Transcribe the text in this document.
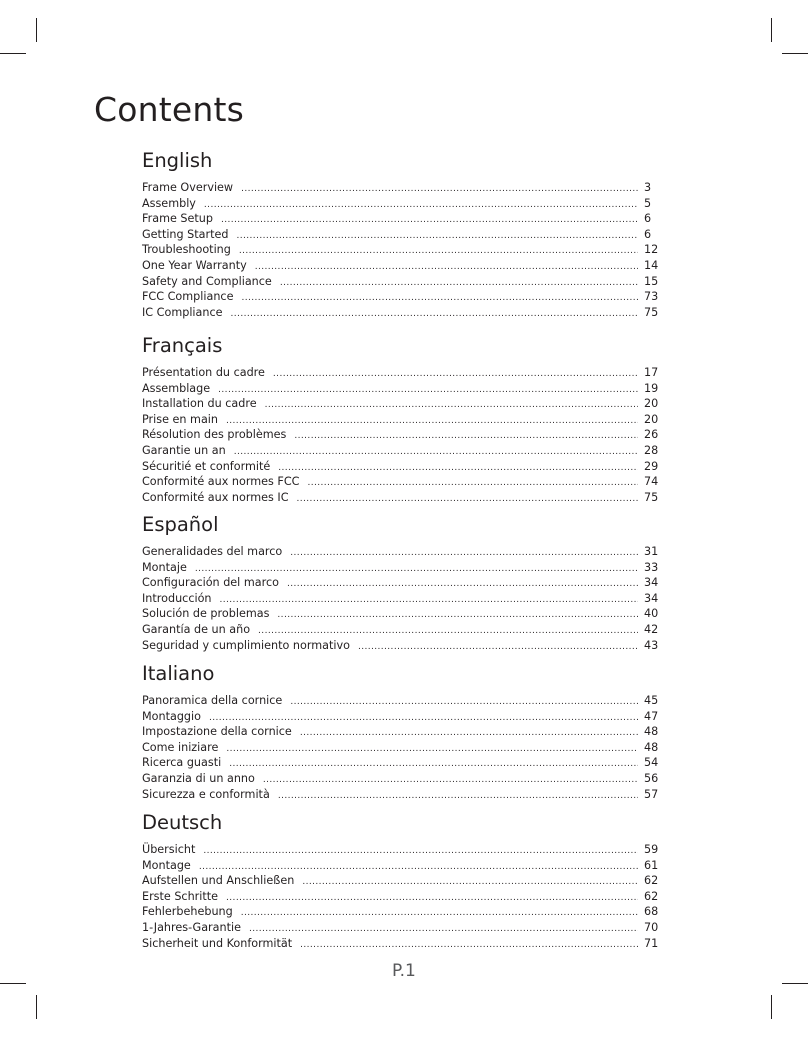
Contents
English
Frame Overview .....	3
Assembly .....	5
Frame Setup .....	6
Getting Started .....	6
Troubleshooting .....	12
One Year Warranty .....	14
Safety and Compliance .....	15
FCC Compliance .....	73
IC Compliance .....	75
Français
Présentation du cadre .....	17
Assemblage .....	19
Installation du cadre .....	20
Prise en main .....	20
Résolution des problèmes .....	26
Garantie un an .....	28
Sécuritié et conformité .....	29
Conformité aux normes FCC .....	74
Conformité aux normes IC .....	75
Español
Generalidades del marco .....	31
Montaje .....	33
Configuración del marco .....	34
Introducción .....	34
Solución de problemas .....	40
Garantía de un año .....	42
Seguridad y cumplimiento normativo .....	43
Italiano
Panoramica della cornice .....	45
Montaggio .....	47
Impostazione della cornice .....	48
Come iniziare .....	48
Ricerca guasti .....	54
Garanzia di un anno .....	56
Sicurezza e conformità .....	57
Deutsch
Übersicht .....	59
Montage .....	61
Aufstellen und Anschließen .....	62
Erste Schritte .....	62
Fehlerbehebung .....	68
1-Jahres-Garantie .....	70
Sicherheit und Konformität .....	71
P.1
